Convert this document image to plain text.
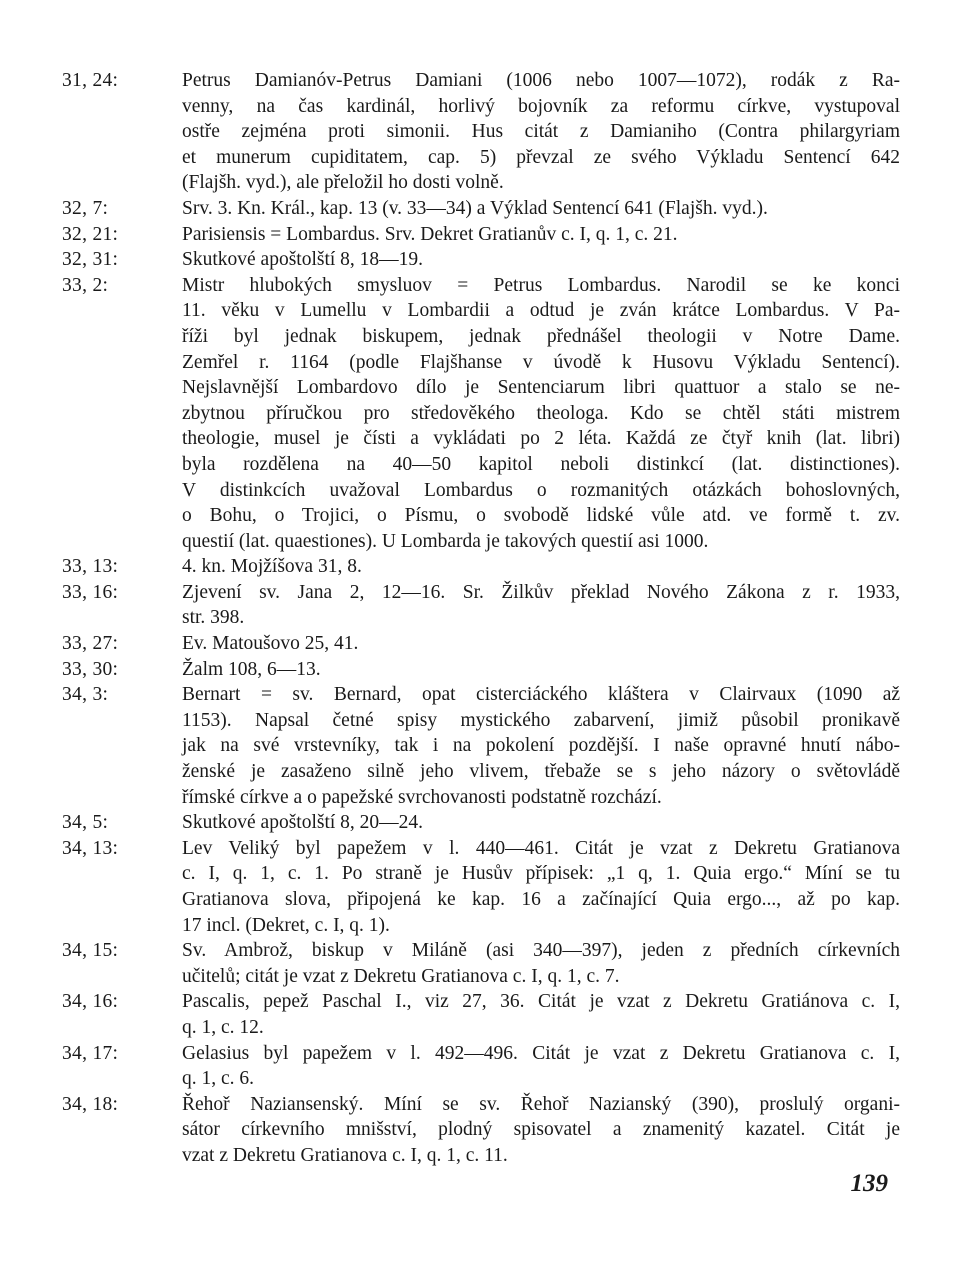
31, 24:	Petrus Damianóv-Petrus Damiani (1006 nebo 1007—1072), rodák z Ra-
venny, na čas kardinál, horlivý bojovník za reformu církve, vystupoval
ostře zejména proti simonii. Hus citát z Damianiho (Contra philargyriam
et munerum cupiditatem, cap. 5) převzal ze svého Výkladu Sentencí 642
(Flajšh. vyd.), ale přeložil ho dosti volně.
32, 7:	Srv. 3. Kn. Král., kap. 13 (v. 33—34) a Výklad Sentencí 641 (Flajšh. vyd.).
32, 21:	Parisiensis = Lombardus. Srv. Dekret Gratianův c. I, q. 1, c. 21.
32, 31:	Skutkové apoštolští 8, 18—19.
33, 2:	Mistr hlubokých smysluov = Petrus Lombardus. Narodil se ke konci
11. věku v Lumellu v Lombardii a odtud je zván krátce Lombardus. V Pa-
říži byl jednak biskupem, jednak přednášel theologii v Notre Dame.
Zemřel r. 1164 (podle Flajšhanse v úvodě k Husovu Výkladu Sentencí).
Nejslavnější Lombardovo dílo je Sentenciarum libri quattuor a stalo se ne-
zbytnou příručkou pro středověkého theologa. Kdo se chtěl státi mistrem
theologie, musel je čísti a vykládati po 2 léta. Každá ze čtyř knih (lat. libri)
byla rozdělena na 40—50 kapitol neboli distinkcí (lat. distinctiones).
V distinkcích uvažoval Lombardus o rozmanitých otázkách bohoslovných,
o Bohu, o Trojici, o Písmu, o svobodě lidské vůle atd. ve formě t. zv.
questií (lat. quaestiones). U Lombarda je takových questií asi 1000.
33, 13:	4. kn. Mojžíšova 31, 8.
33, 16:	Zjevení sv. Jana 2, 12—16. Sr. Žilkův překlad Nového Zákona z r. 1933,
str. 398.
33, 27:	Ev. Matoušovo 25, 41.
33, 30:	Žalm 108, 6—13.
34, 3:	Bernart = sv. Bernard, opat cisterciáckého kláštera v Clairvaux (1090 až
1153). Napsal četné spisy mystického zabarvení, jimiž působil pronikavě
jak na své vrstevníky, tak i na pokolení pozdější. I naše opravné hnutí nábo-
ženské je zasaženo silně jeho vlivem, třebaže se s jeho názory o světovládě
římské církve a o papežské svrchovanosti podstatně rozchází.
34, 5:	Skutkové apoštolští 8, 20—24.
34, 13:	Lev Veliký byl papežem v l. 440—461. Citát je vzat z Dekretu Gratianova
c. I, q. 1, c. 1. Po straně je Husův přípisek: „1 q, 1. Quia ergo.“ Míní se tu
Gratianova slova, připojená ke kap. 16 a začínající Quia ergo..., až po kap.
17 incl. (Dekret, c. I, q. 1).
34, 15:	Sv. Ambrož, biskup v Miláně (asi 340—397), jeden z předních církevních
učitelů; citát je vzat z Dekretu Gratianova c. I, q. 1, c. 7.
34, 16:	Pascalis, pepež Paschal I., viz 27, 36. Citát je vzat z Dekretu Gratiánova c. I,
q. 1, c. 12.
34, 17:	Gelasius byl papežem v l. 492—496. Citát je vzat z Dekretu Gratianova c. I,
q. 1, c. 6.
34, 18:	Řehoř Naziansenský. Míní se sv. Řehoř Nazianský (390), proslulý organi-
sátor církevního mnišství, plodný spisovatel a znamenitý kazatel. Citát je
vzat z Dekretu Gratianova c. I, q. 1, c. 11.
139
